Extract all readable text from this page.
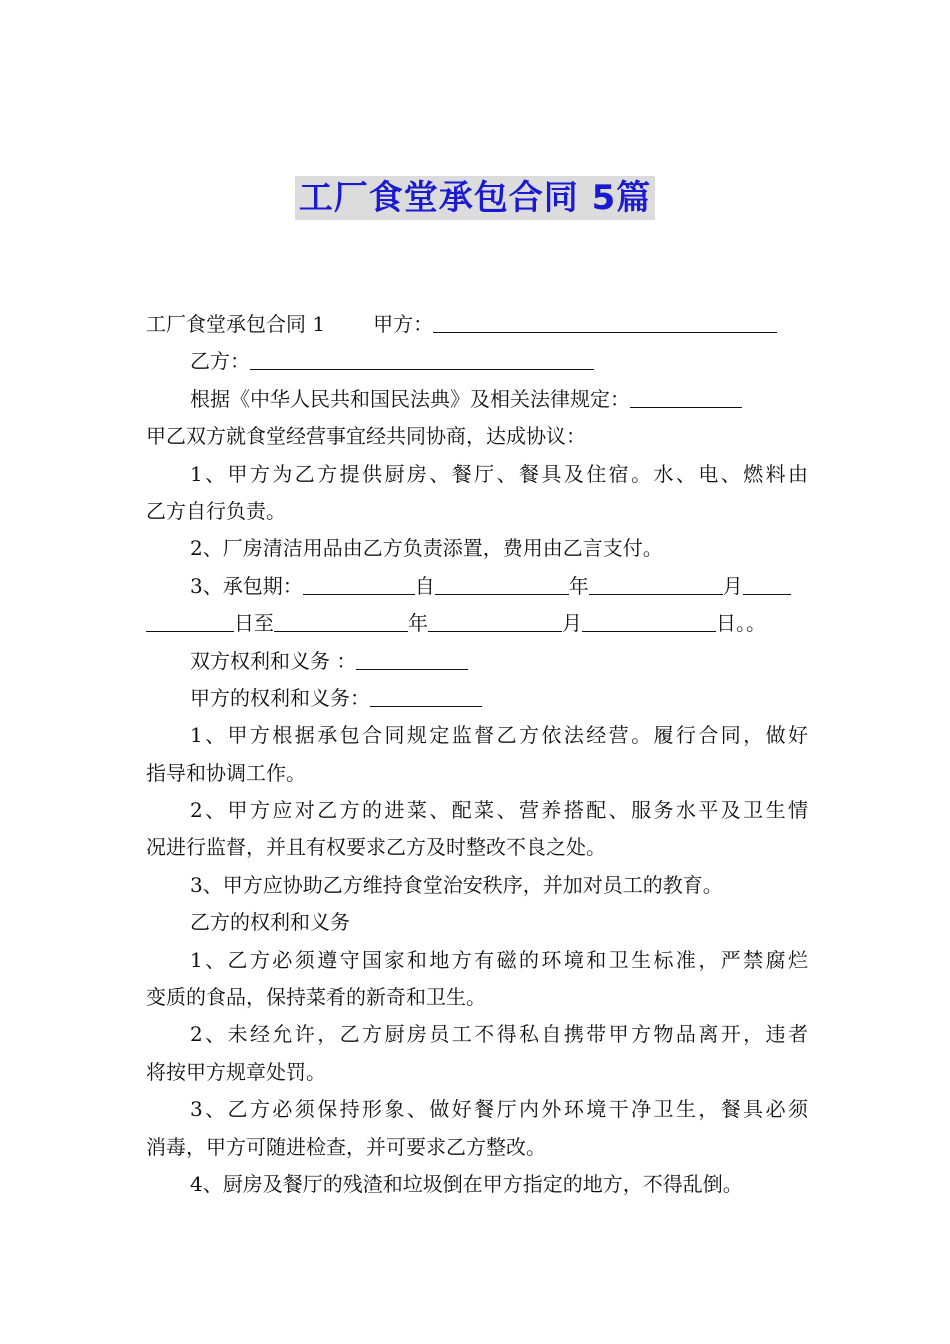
工厂食堂承包合同 5篇
工厂食堂承包合同 1 甲方：
乙方：
根据《中华人民共和国民法典》及相关法律规定：
甲乙双方就食堂经营事宜经共同协商，达成协议：
1、甲方为乙方提供厨房、餐厅、餐具及住宿。水、电、燃料由
乙方自行负责。
2、厂房清洁用品由乙方负责添置，费用由乙言支付。
3、承包期：	自	年	月
日至	年	月	日。。
双方权利和义务 ：
甲方的权利和义务：
1、甲方根据承包合同规定监督乙方依法经营。履行合同，做好
指导和协调工作。
2、甲方应对乙方的进菜、配菜、营养搭配、服务水平及卫生情
况进行监督，并且有权要求乙方及时整改不良之处。
3、甲方应协助乙方维持食堂治安秩序，并加对员工的教育。
乙方的权利和义务
1、乙方必须遵守国家和地方有磁的环境和卫生标准，严禁腐烂
变质的食品，保持菜肴的新奇和卫生。
2、未经允许，乙方厨房员工不得私自携带甲方物品离开，违者
将按甲方规章处罚。
3、乙方必须保持形象、做好餐厅内外环境干净卫生，餐具必须
消毒，甲方可随进检查，并可要求乙方整改。
4、厨房及餐厅的残渣和垃圾倒在甲方指定的地方，不得乱倒。
